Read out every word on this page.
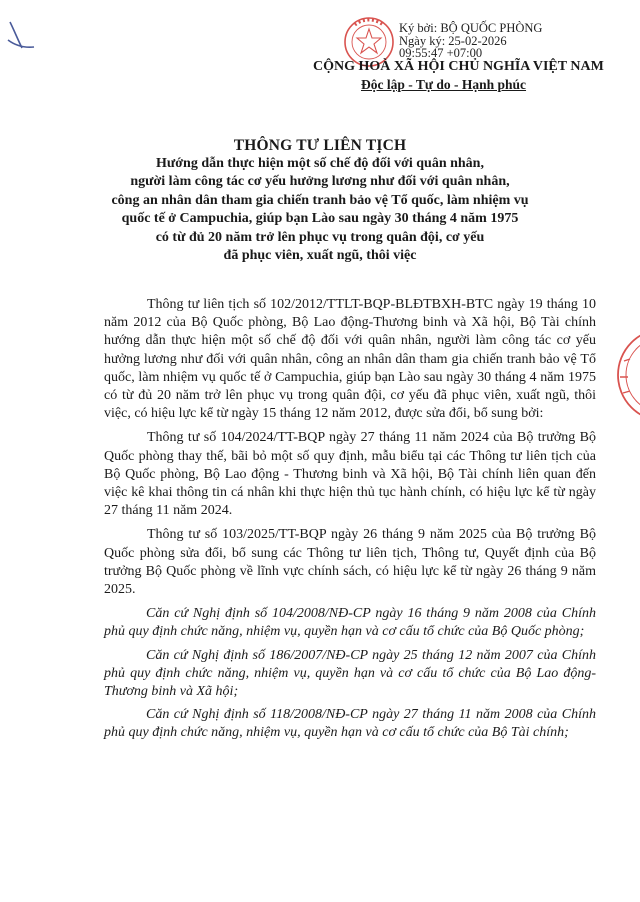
Ký bởi: BỘ QUỐC PHÒNG
Ngày ký: 25-02-2026
09:55:47 +07:00
CỘNG HOÀ XÃ HỘI CHỦ NGHĨA VIỆT NAM
Độc lập - Tự do - Hạnh phúc
THÔNG TƯ LIÊN TỊCH
Hướng dẫn thực hiện một số chế độ đối với quân nhân,
người làm công tác cơ yếu hưởng lương như đối với quân nhân,
công an nhân dân tham gia chiến tranh bảo vệ Tổ quốc, làm nhiệm vụ
quốc tế ở Campuchia, giúp bạn Lào sau ngày 30 tháng 4 năm 1975
có từ đủ 20 năm trở lên phục vụ trong quân đội, cơ yếu
đã phục viên, xuất ngũ, thôi việc

Thông tư liên tịch số 102/2012/TTLT-BQP-BLĐTBXH-BTC ngày 19 tháng 10 năm 2012 của Bộ Quốc phòng, Bộ Lao động-Thương binh và Xã hội, Bộ Tài chính hướng dẫn thực hiện một số chế độ đối với quân nhân, người làm công tác cơ yếu hưởng lương như đối với quân nhân, công an nhân dân tham gia chiến tranh bảo vệ Tổ quốc, làm nhiệm vụ quốc tế ở Campuchia, giúp bạn Lào sau ngày 30 tháng 4 năm 1975 có từ đủ 20 năm trở lên phục vụ trong quân đội, cơ yếu đã phục viên, xuất ngũ, thôi việc, có hiệu lực kể từ ngày 15 tháng 12 năm 2012, được sửa đổi, bổ sung bởi:

Thông tư số 104/2024/TT-BQP ngày 27 tháng 11 năm 2024 của Bộ trưởng Bộ Quốc phòng thay thế, bãi bỏ một số quy định, mẫu biểu tại các Thông tư liên tịch của Bộ Quốc phòng, Bộ Lao động - Thương binh và Xã hội, Bộ Tài chính liên quan đến việc kê khai thông tin cá nhân khi thực hiện thủ tục hành chính, có hiệu lực kể từ ngày 27 tháng 11 năm 2024.

Thông tư số 103/2025/TT-BQP ngày 26 tháng 9 năm 2025 của Bộ trưởng Bộ Quốc phòng sửa đổi, bổ sung các Thông tư liên tịch, Thông tư, Quyết định của Bộ trưởng Bộ Quốc phòng về lĩnh vực chính sách, có hiệu lực kể từ ngày 26 tháng 9 năm 2025.

Căn cứ Nghị định số 104/2008/NĐ-CP ngày 16 tháng 9 năm 2008 của Chính phủ quy định chức năng, nhiệm vụ, quyền hạn và cơ cấu tổ chức của Bộ Quốc phòng;

Căn cứ Nghị định số 186/2007/NĐ-CP ngày 25 tháng 12 năm 2007 của Chính phủ quy định chức năng, nhiệm vụ, quyền hạn và cơ cấu tổ chức của Bộ Lao động-Thương binh và Xã hội;

Căn cứ Nghị định số 118/2008/NĐ-CP ngày 27 tháng 11 năm 2008 của Chính phủ quy định chức năng, nhiệm vụ, quyền hạn và cơ cấu tổ chức của Bộ Tài chính;
